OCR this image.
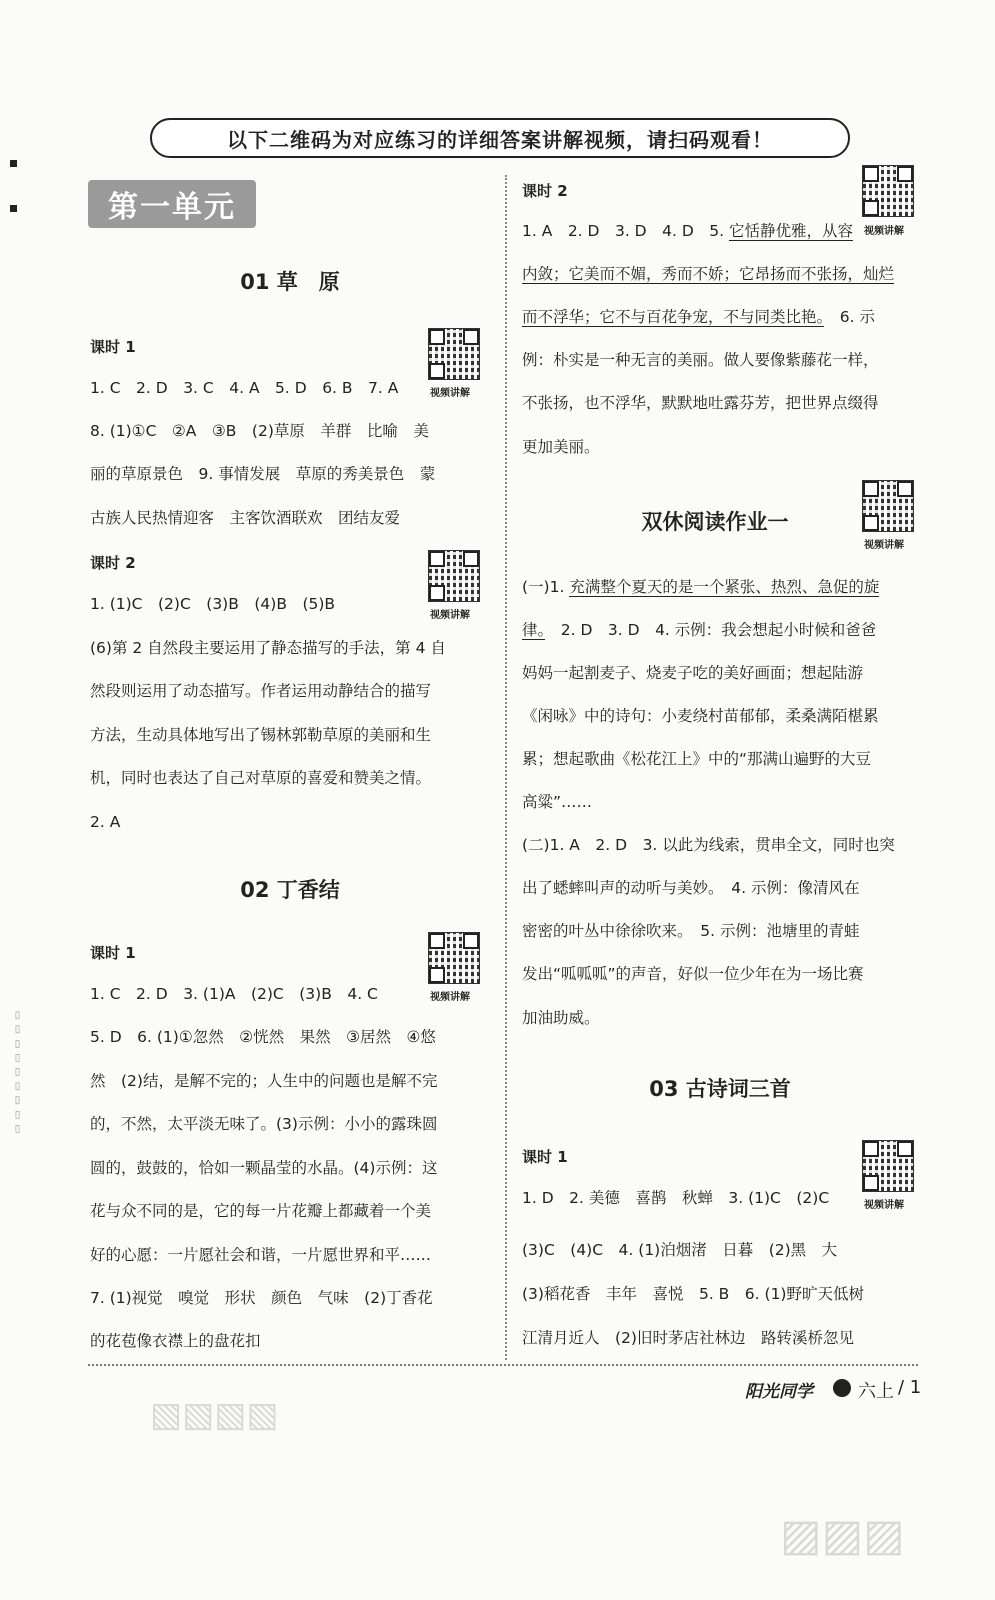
以下二维码为对应练习的详细答案讲解视频，请扫码观看！
第一单元
01 草　原
课时 1
视频讲解
1. C　2. D　3. C　4. A　5. D　6. B　7. A
8. (1)①C　②A　③B　(2)草原　羊群　比喻　美
丽的草原景色　9. 事情发展　草原的秀美景色　蒙
古族人民热情迎客　主客饮酒联欢　团结友爱
课时 2
视频讲解
1. (1)C　(2)C　(3)B　(4)B　(5)B
(6)第 2 自然段主要运用了静态描写的手法，第 4 自
然段则运用了动态描写。作者运用动静结合的描写
方法，生动具体地写出了锡林郭勒草原的美丽和生
机，同时也表达了自己对草原的喜爱和赞美之情。
2. A
02 丁香结
课时 1
视频讲解
1. C　2. D　3. (1)A　(2)C　(3)B　4. C
5. D　6. (1)①忽然　②恍然　果然　③居然　④悠
然　(2)结，是解不完的；人生中的问题也是解不完
的，不然，太平淡无味了。(3)示例：小小的露珠圆
圆的，鼓鼓的，恰如一颗晶莹的水晶。(4)示例：这
花与众不同的是，它的每一片花瓣上都藏着一个美
好的心愿：一片愿社会和谐，一片愿世界和平……
7. (1)视觉　嗅觉　形状　颜色　气味　(2)丁香花
的花苞像衣襟上的盘花扣
课时 2
视频讲解
1. A　2. D　3. D　4. D　5. 它恬静优雅，从容
内敛；它美而不媚，秀而不娇；它昂扬而不张扬，灿烂
而不浮华；它不与百花争宠，不与同类比艳。　6. 示
例：朴实是一种无言的美丽。做人要像紫藤花一样，
不张扬，也不浮华，默默地吐露芬芳，把世界点缀得
更加美丽。
双休阅读作业一
视频讲解
(一)1. 充满整个夏天的是一个紧张、热烈、急促的旋
律。　2. D　3. D　4. 示例：我会想起小时候和爸爸
妈妈一起割麦子、烧麦子吃的美好画面；想起陆游
《闲咏》中的诗句：小麦绕村苗郁郁，柔桑满陌椹累
累；想起歌曲《松花江上》中的“那满山遍野的大豆
高粱”……
(二)1. A　2. D　3. 以此为线索，贯串全文，同时也突
出了蟋蟀叫声的动听与美妙。　4. 示例：像清风在
密密的叶丛中徐徐吹来。　5. 示例：池塘里的青蛙
发出“呱呱呱”的声音，好似一位少年在为一场比赛
加油助威。
03 古诗词三首
课时 1
视频讲解
1. D　2. 美德　喜鹊　秋蝉　3. (1)C　(2)C
(3)C　(4)C　4. (1)泊烟渚　日暮　(2)黑　大
(3)稻花香　丰年　喜悦　5. B　6. (1)野旷天低树
江清月近人　(2)旧时茅店社林边　路转溪桥忽见
阳光同学	六上 / 1
▧▧▧▧
▨▨▨
▯ ▯ ▯ ▯ ▯ ▯ ▯ ▯ ▯
